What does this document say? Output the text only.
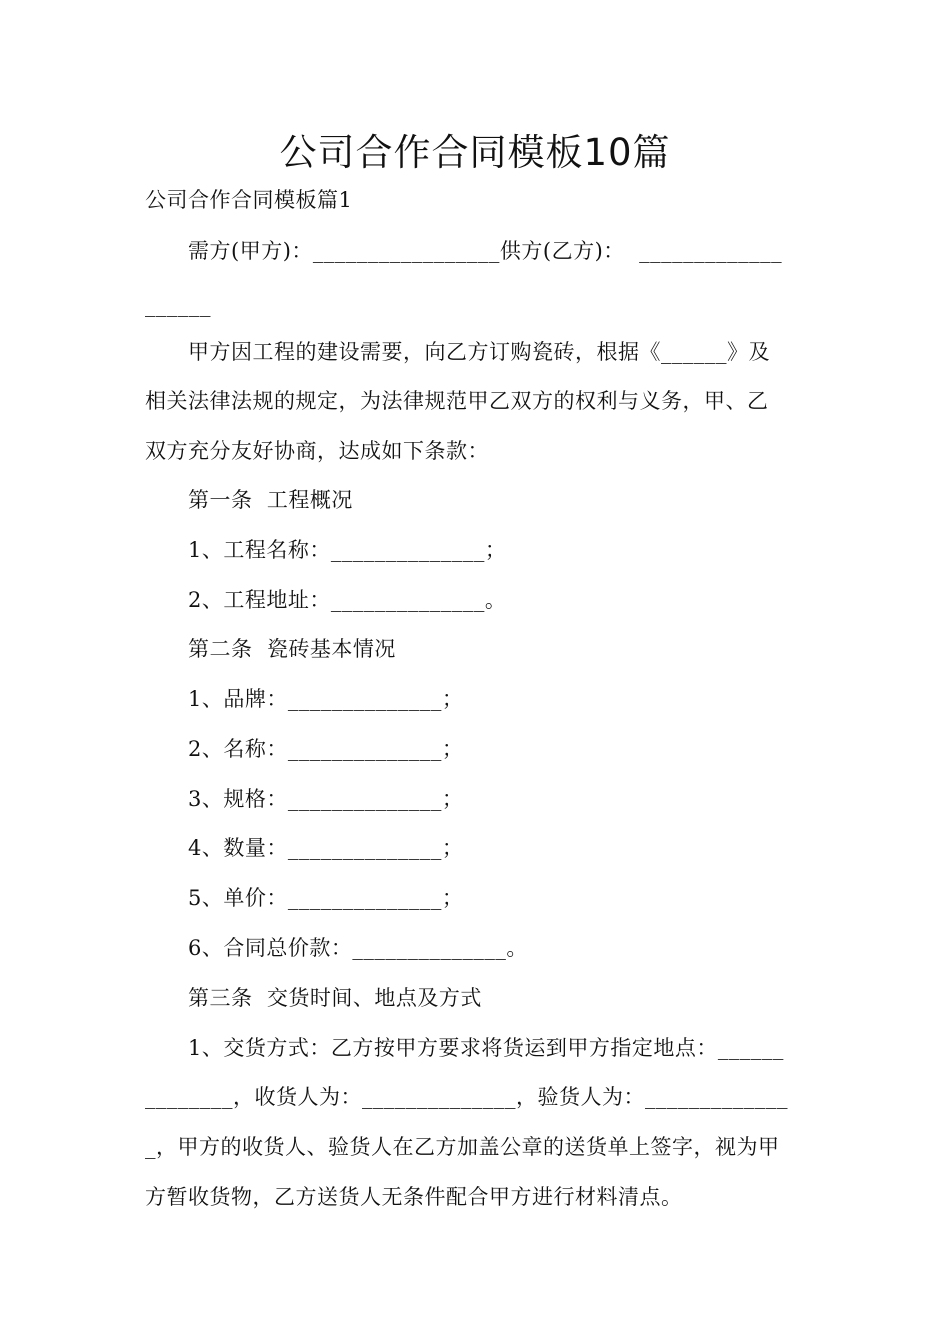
公司合作合同模板10篇
公司合作合同模板篇1
需方(甲方)：_________________供方(乙方)：  _____________
______
甲方因工程的建设需要，向乙方订购瓷砖，根据《______》及
相关法律法规的规定，为法律规范甲乙双方的权利与义务，甲、乙
双方充分友好协商，达成如下条款：
第一条  工程概况
1、工程名称：______________；
2、工程地址：______________。
第二条  瓷砖基本情况
1、品牌：______________；
2、名称：______________；
3、规格：______________；
4、数量：______________；
5、单价：______________；
6、合同总价款：______________。
第三条  交货时间、地点及方式
1、交货方式：乙方按甲方要求将货运到甲方指定地点：______
________，收货人为：______________，验货人为：_____________
_，甲方的收货人、验货人在乙方加盖公章的送货单上签字，视为甲
方暂收货物，乙方送货人无条件配合甲方进行材料清点。
